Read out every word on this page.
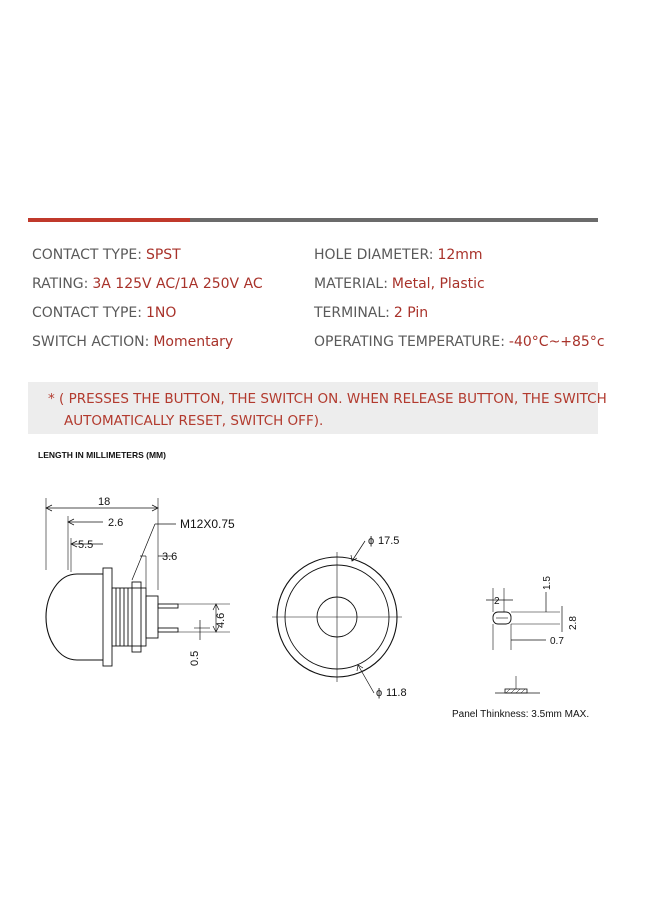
CONTACT TYPE: SPST
RATING: 3A 125V AC/1A 250V AC
CONTACT TYPE: 1NO
SWITCH ACTION: Momentary
HOLE DIAMETER: 12mm
MATERIAL: Metal, Plastic
TERMINAL: 2 Pin
OPERATING TEMPERATURE: -40°C~+85°c
* ( PRESSES THE BUTTON, THE SWITCH ON. WHEN RELEASE BUTTON, THE SWITCH
AUTOMATICALLY RESET, SWITCH OFF).
LENGTH IN MILLIMETERS (MM)
18
2.6
5.5
M12X0.75
3.6
4.6
0.5
ϕ 17.5
ϕ 11.8
2
1.5
2.8
0.7
Panel Thinkness: 3.5mm MAX.
